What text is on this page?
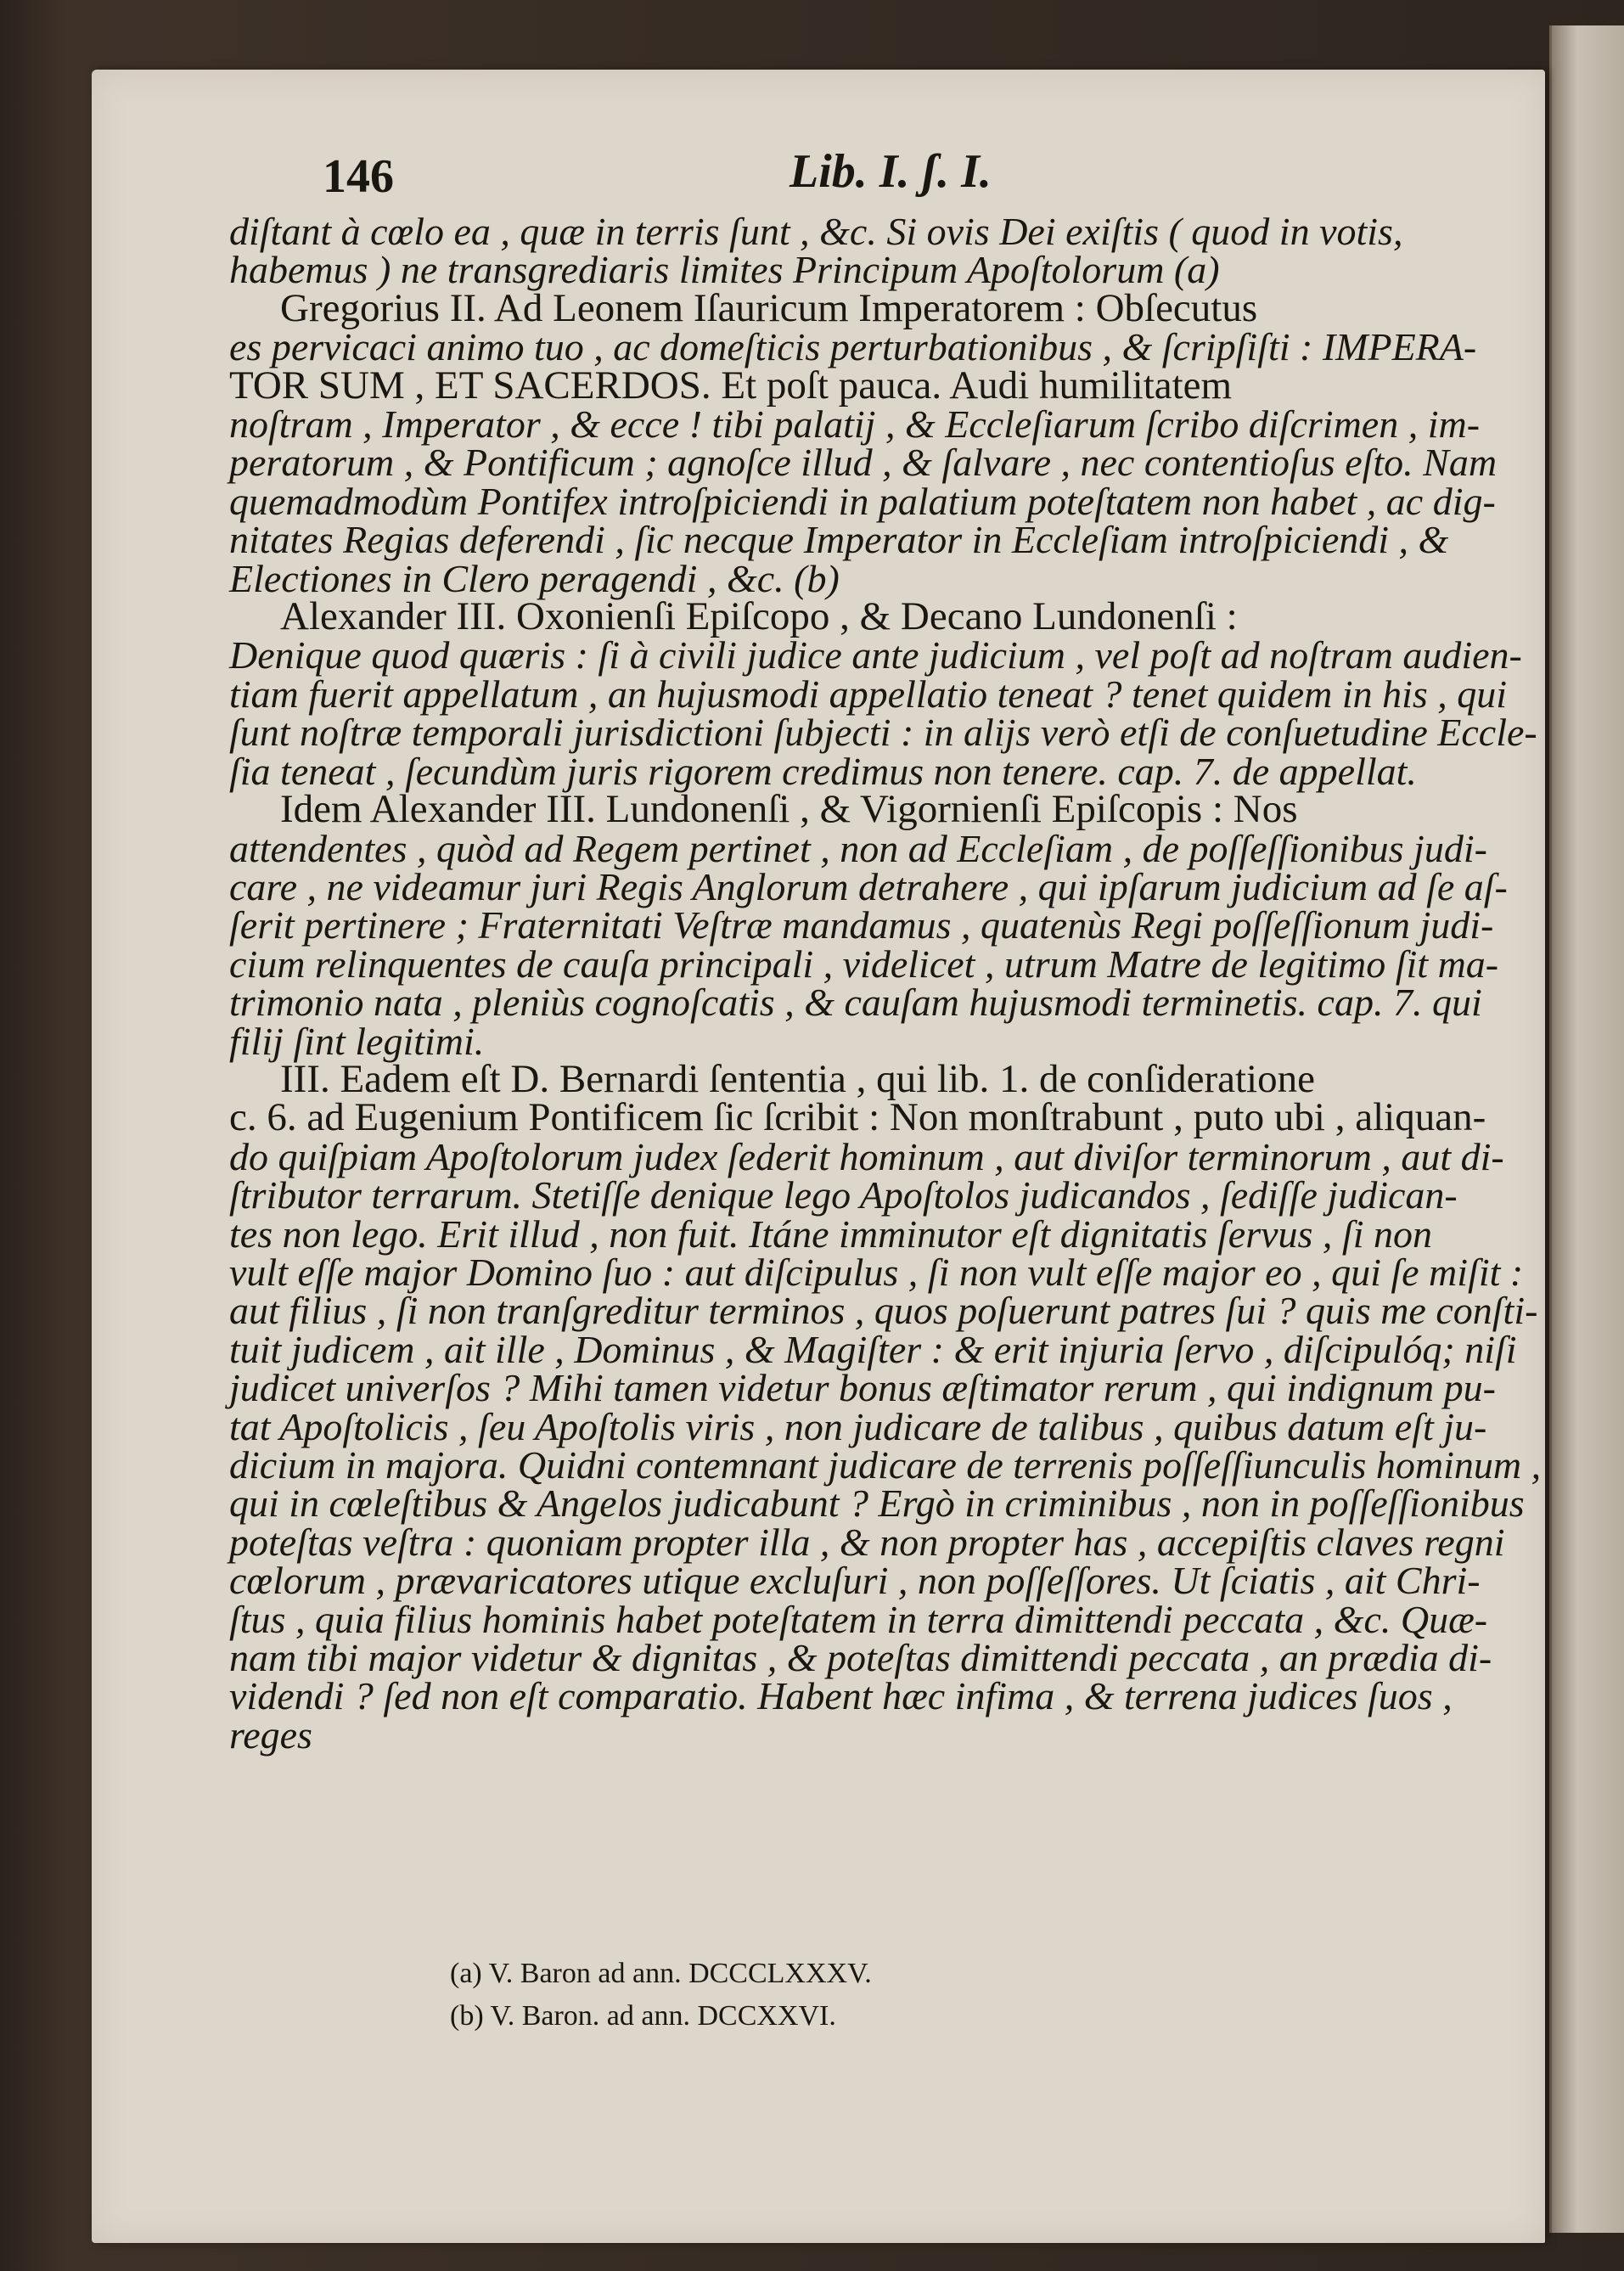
146	Lib. I. ʃ. I.
diſtant à cœlo ea , quæ in terris ſunt , &c. Si ovis Dei exiſtis ( quod in votis,
habemus ) ne transgrediaris limites Principum Apoſtolorum (a)
Gregorius II. Ad Leonem Iſauricum Imperatorem : Obſecutus
es pervicaci animo tuo , ac domeſticis perturbationibus , & ſcripſiſti : IMPERA-
TOR SUM , ET SACERDOS. Et poſt pauca. Audi humilitatem
noſtram , Imperator , & ecce ! tibi palatij , & Eccleſiarum ſcribo diſcrimen , im-
peratorum , & Pontificum ; agnoſce illud , & ſalvare , nec contentioſus eſto. Nam
quemadmodùm Pontifex introſpiciendi in palatium poteſtatem non habet , ac dig-
nitates Regias deferendi , ſic necque Imperator in Eccleſiam introſpiciendi , &
Electiones in Clero peragendi , &c. (b)
Alexander III. Oxonienſi Epiſcopo , & Decano Lundonenſi :
Denique quod quæris : ſi à civili judice ante judicium , vel poſt ad noſtram audien-
tiam fuerit appellatum , an hujusmodi appellatio teneat ? tenet quidem in his , qui
ſunt noſtræ temporali jurisdictioni ſubjecti : in alijs verò etſi de conſuetudine Eccle-
ſia teneat , ſecundùm juris rigorem credimus non tenere. cap. 7. de appellat.
Idem Alexander III. Lundonenſi , & Vigornienſi Epiſcopis : Nos
attendentes , quòd ad Regem pertinet , non ad Eccleſiam , de poſſeſſionibus judi-
care , ne videamur juri Regis Anglorum detrahere , qui ipſarum judicium ad ſe aſ-
ſerit pertinere ; Fraternitati Veſtræ mandamus , quatenùs Regi poſſeſſionum judi-
cium relinquentes de cauſa principali , videlicet , utrum Matre de legitimo ſit ma-
trimonio nata , pleniùs cognoſcatis , & cauſam hujusmodi terminetis. cap. 7. qui
filij ſint legitimi.
III. Eadem eſt D. Bernardi ſententia , qui lib. 1. de conſideratione
c. 6. ad Eugenium Pontificem ſic ſcribit : Non monſtrabunt , puto ubi , aliquan-
do quiſpiam Apoſtolorum judex ſederit hominum , aut diviſor terminorum , aut di-
ſtributor terrarum. Stetiſſe denique lego Apoſtolos judicandos , ſediſſe judican-
tes non lego. Erit illud , non fuit. Itáne imminutor eſt dignitatis ſervus , ſi non
vult eſſe major Domino ſuo : aut diſcipulus , ſi non vult eſſe major eo , qui ſe miſit :
aut filius , ſi non tranſgreditur terminos , quos poſuerunt patres ſui ? quis me conſti-
tuit judicem , ait ille , Dominus , & Magiſter : & erit injuria ſervo , diſcipulóq; niſi
judicet univerſos ? Mihi tamen videtur bonus æſtimator rerum , qui indignum pu-
tat Apoſtolicis , ſeu Apoſtolis viris , non judicare de talibus , quibus datum eſt ju-
dicium in majora. Quidni contemnant judicare de terrenis poſſeſſiunculis hominum ,
qui in cœleſtibus & Angelos judicabunt ? Ergò in criminibus , non in poſſeſſionibus
poteſtas veſtra : quoniam propter illa , & non propter has , accepiſtis claves regni
cœlorum , prævaricatores utique excluſuri , non poſſeſſores. Ut ſciatis , ait Chri-
ſtus , quia filius hominis habet poteſtatem in terra dimittendi peccata , &c. Quæ-
nam tibi major videtur & dignitas , & poteſtas dimittendi peccata , an prædia di-
videndi ? ſed non eſt comparatio. Habent hæc infima , & terrena judices ſuos ,
reges
(a) V. Baron ad ann. DCCCLXXXV.
(b) V. Baron. ad ann. DCCXXVI.
